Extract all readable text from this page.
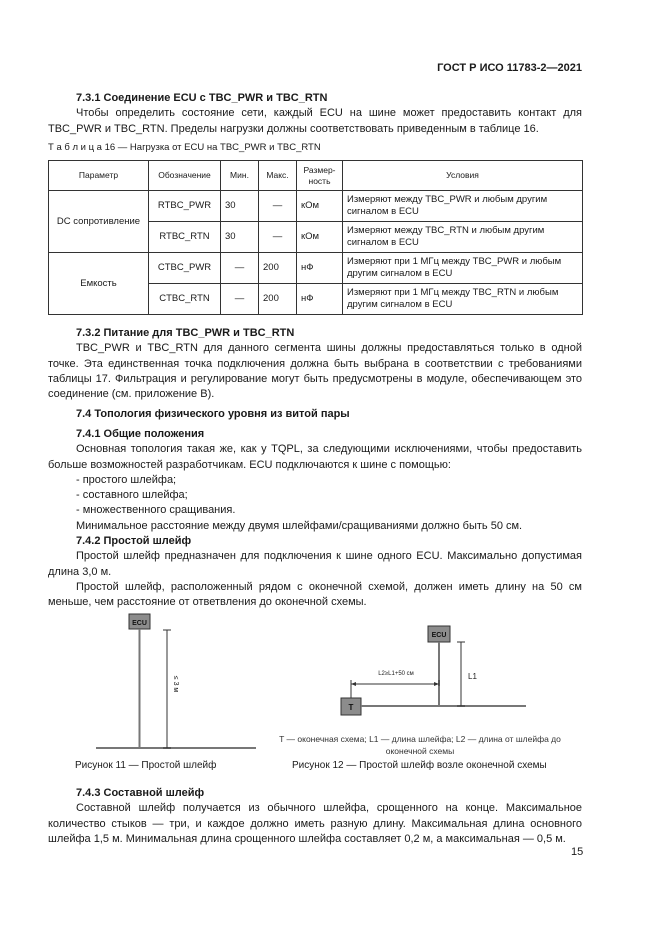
ГОСТ Р ИСО 11783-2—2021

7.3.1 Соединение ECU с TBC_PWR и TBC_RTN

Чтобы определить состояние сети, каждый ECU на шине может предоставить контакт для TBC_PWR и TBC_RTN. Пределы нагрузки должны соответствовать приведенным в таблице 16.

Т а б л и ц а 16 — Нагрузка от ECU на TBC_PWR и TBC_RTN
Параметр	Обозначение	Мин.	Макс.	Размер-ность	Условия
DC сопротивление	RTBC_PWR	30	—	кОм	Измеряют между TBC_PWR и любым другим сигналом в ECU
	RTBC_RTN	30	—	кОм	Измеряют между TBC_RTN и любым другим сигналом в ECU
Емкость	CTBC_PWR	—	200	нФ	Измеряют при 1 МГц между TBC_PWR и любым другим сигналом в ECU
	CTBC_RTN	—	200	нФ	Измеряют при 1 МГц между TBC_RTN и любым другим сигналом в ECU

7.3.2 Питание для TBC_PWR и TBC_RTN

TBC_PWR и TBC_RTN для данного сегмента шины должны предоставляться только в одной точке. Эта единственная точка подключения должна быть выбрана в соответствии с требованиями таблицы 17. Фильтрация и регулирование могут быть предусмотрены в модуле, обеспечивающем это соединение (см. приложение B).

7.4 Топология физического уровня из витой пары

7.4.1 Общие положения

Основная топология такая же, как у TQPL, за следующими исключениями, чтобы предоставить больше возможностей разработчикам. ECU подключаются к шине с помощью:

- простого шлейфа;

- составного шлейфа;

- множественного сращивания.

Минимальное расстояние между двумя шлейфами/сращиваниями должно быть 50 см.

7.4.2 Простой шлейф

Простой шлейф предназначен для подключения к шине одного ECU. Максимально допустимая длина 3,0 м.

Простой шлейф, расположенный рядом с оконечной схемой, должен иметь длину на 50 см меньше, чем расстояние от ответвления до оконечной схемы.

ECU
≤ 3 м
Рисунок 11 — Простой шлейф
ECU
T
L1
L2≥L1+50 см
T — оконечная схема; L1 — длина шлейфа; L2 — длина от шлейфа до оконечной схемы
Рисунок 12 — Простой шлейф возле оконечной схемы

7.4.3 Составной шлейф

Составной шлейф получается из обычного шлейфа, срощенного на конце. Максимальное количество стыков — три, и каждое должно иметь разную длину. Максимальная длина основного шлейфа 1,5 м. Минимальная длина срощенного шлейфа составляет 0,2 м, а максимальная — 0,5 м.

15
